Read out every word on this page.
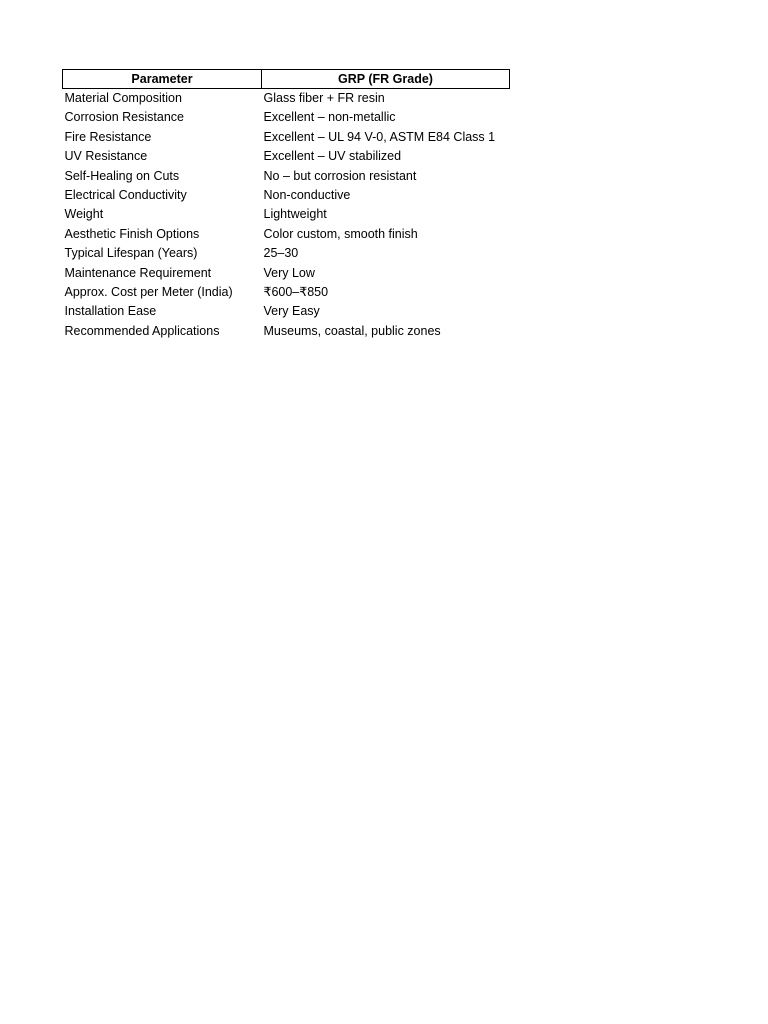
Parameter	GRP (FR Grade)
Material Composition	Glass fiber + FR resin
Corrosion Resistance	Excellent – non-metallic
Fire Resistance	Excellent – UL 94 V-0, ASTM E84 Class 1
UV Resistance	Excellent – UV stabilized
Self-Healing on Cuts	No – but corrosion resistant
Electrical Conductivity	Non-conductive
Weight	Lightweight
Aesthetic Finish Options	Color custom, smooth finish
Typical Lifespan (Years)	25–30
Maintenance Requirement	Very Low
Approx. Cost per Meter (India)	₹600–₹850
Installation Ease	Very Easy
Recommended Applications	Museums, coastal, public zones
